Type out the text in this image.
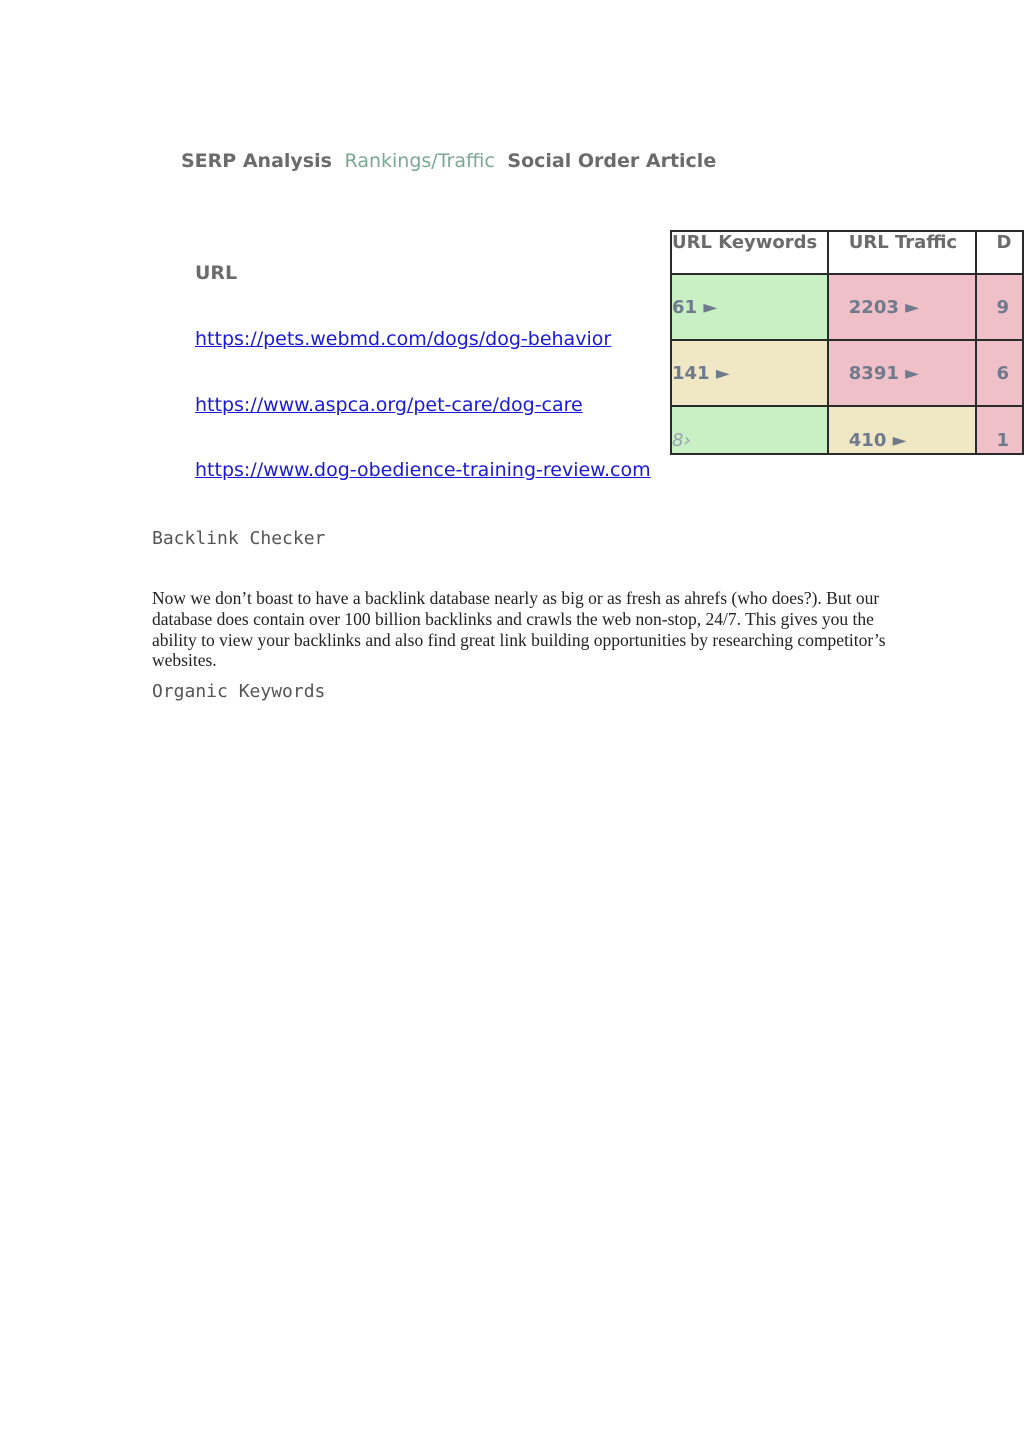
SERP Analysis Rankings/Traffic Social Order Article
URL
https://pets.webmd.com/dogs/dog-behavior
https://www.aspca.org/pet-care/dog-care
https://www.dog-obedience-training-review.com
URL Keywords	URL Traffic	D
61 ►	2203 ►	9
141 ►	8391 ►	6
8›	410 ►	1
Backlink Checker
Now we don’t boast to have a backlink database nearly as big or as fresh as ahrefs (who does?). But our database does contain over 100 billion backlinks and crawls the web non-stop, 24/7. This gives you the ability to view your backlinks and also find great link building opportunities by researching competitor’s websites.
Organic Keywords
